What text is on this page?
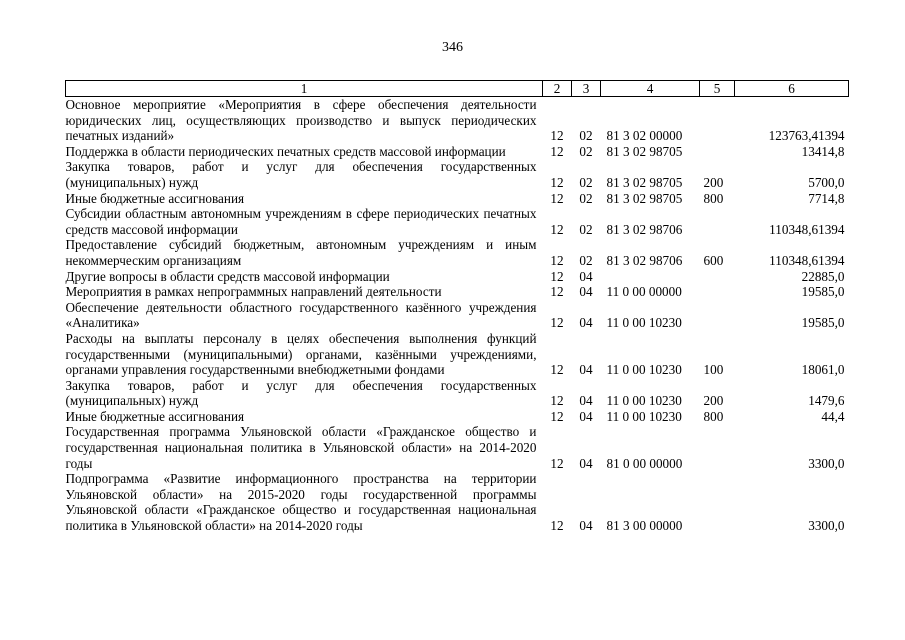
346
1	2	3	4	5	6
Основное мероприятие «Мероприятия в сфере обеспечения деятельности юридических лиц, осуществляющих производство и выпуск периодических печатных изданий»	12	02	81 3 02 00000		123763,41394
Поддержка в области периодических печатных средств массовой информации	12	02	81 3 02 98705		13414,8
Закупка товаров, работ и услуг для обеспечения государственных (муниципальных) нужд	12	02	81 3 02 98705	200	5700,0
Иные бюджетные ассигнования	12	02	81 3 02 98705	800	7714,8
Субсидии областным автономным учреждениям в сфере периодических печатных средств массовой информации	12	02	81 3 02 98706		110348,61394
Предоставление субсидий бюджетным, автономным учреждениям и иным некоммерческим организациям	12	02	81 3 02 98706	600	110348,61394
Другие вопросы в области средств массовой информации	12	04			22885,0
Мероприятия в рамках непрограммных направлений деятельности	12	04	11 0 00 00000		19585,0
Обеспечение деятельности областного государственного казённого учреждения «Аналитика»	12	04	11 0 00 10230		19585,0
Расходы на выплаты персоналу в целях обеспечения выполнения функций государственными (муниципальными) органами, казёнными учреждениями, органами управления государственными внебюджетными фондами	12	04	11 0 00 10230	100	18061,0
Закупка товаров, работ и услуг для обеспечения государственных (муниципальных) нужд	12	04	11 0 00 10230	200	1479,6
Иные бюджетные ассигнования	12	04	11 0 00 10230	800	44,4
Государственная программа Ульяновской области «Гражданское общество и государственная национальная политика в Ульяновской области» на 2014-2020 годы	12	04	81 0 00 00000		3300,0
Подпрограмма «Развитие информационного пространства на территории Ульяновской области» на 2015-2020 годы государственной программы Ульяновской области «Гражданское общество и государственная национальная политика в Ульяновской области» на 2014-2020 годы	12	04	81 3 00 00000		3300,0
